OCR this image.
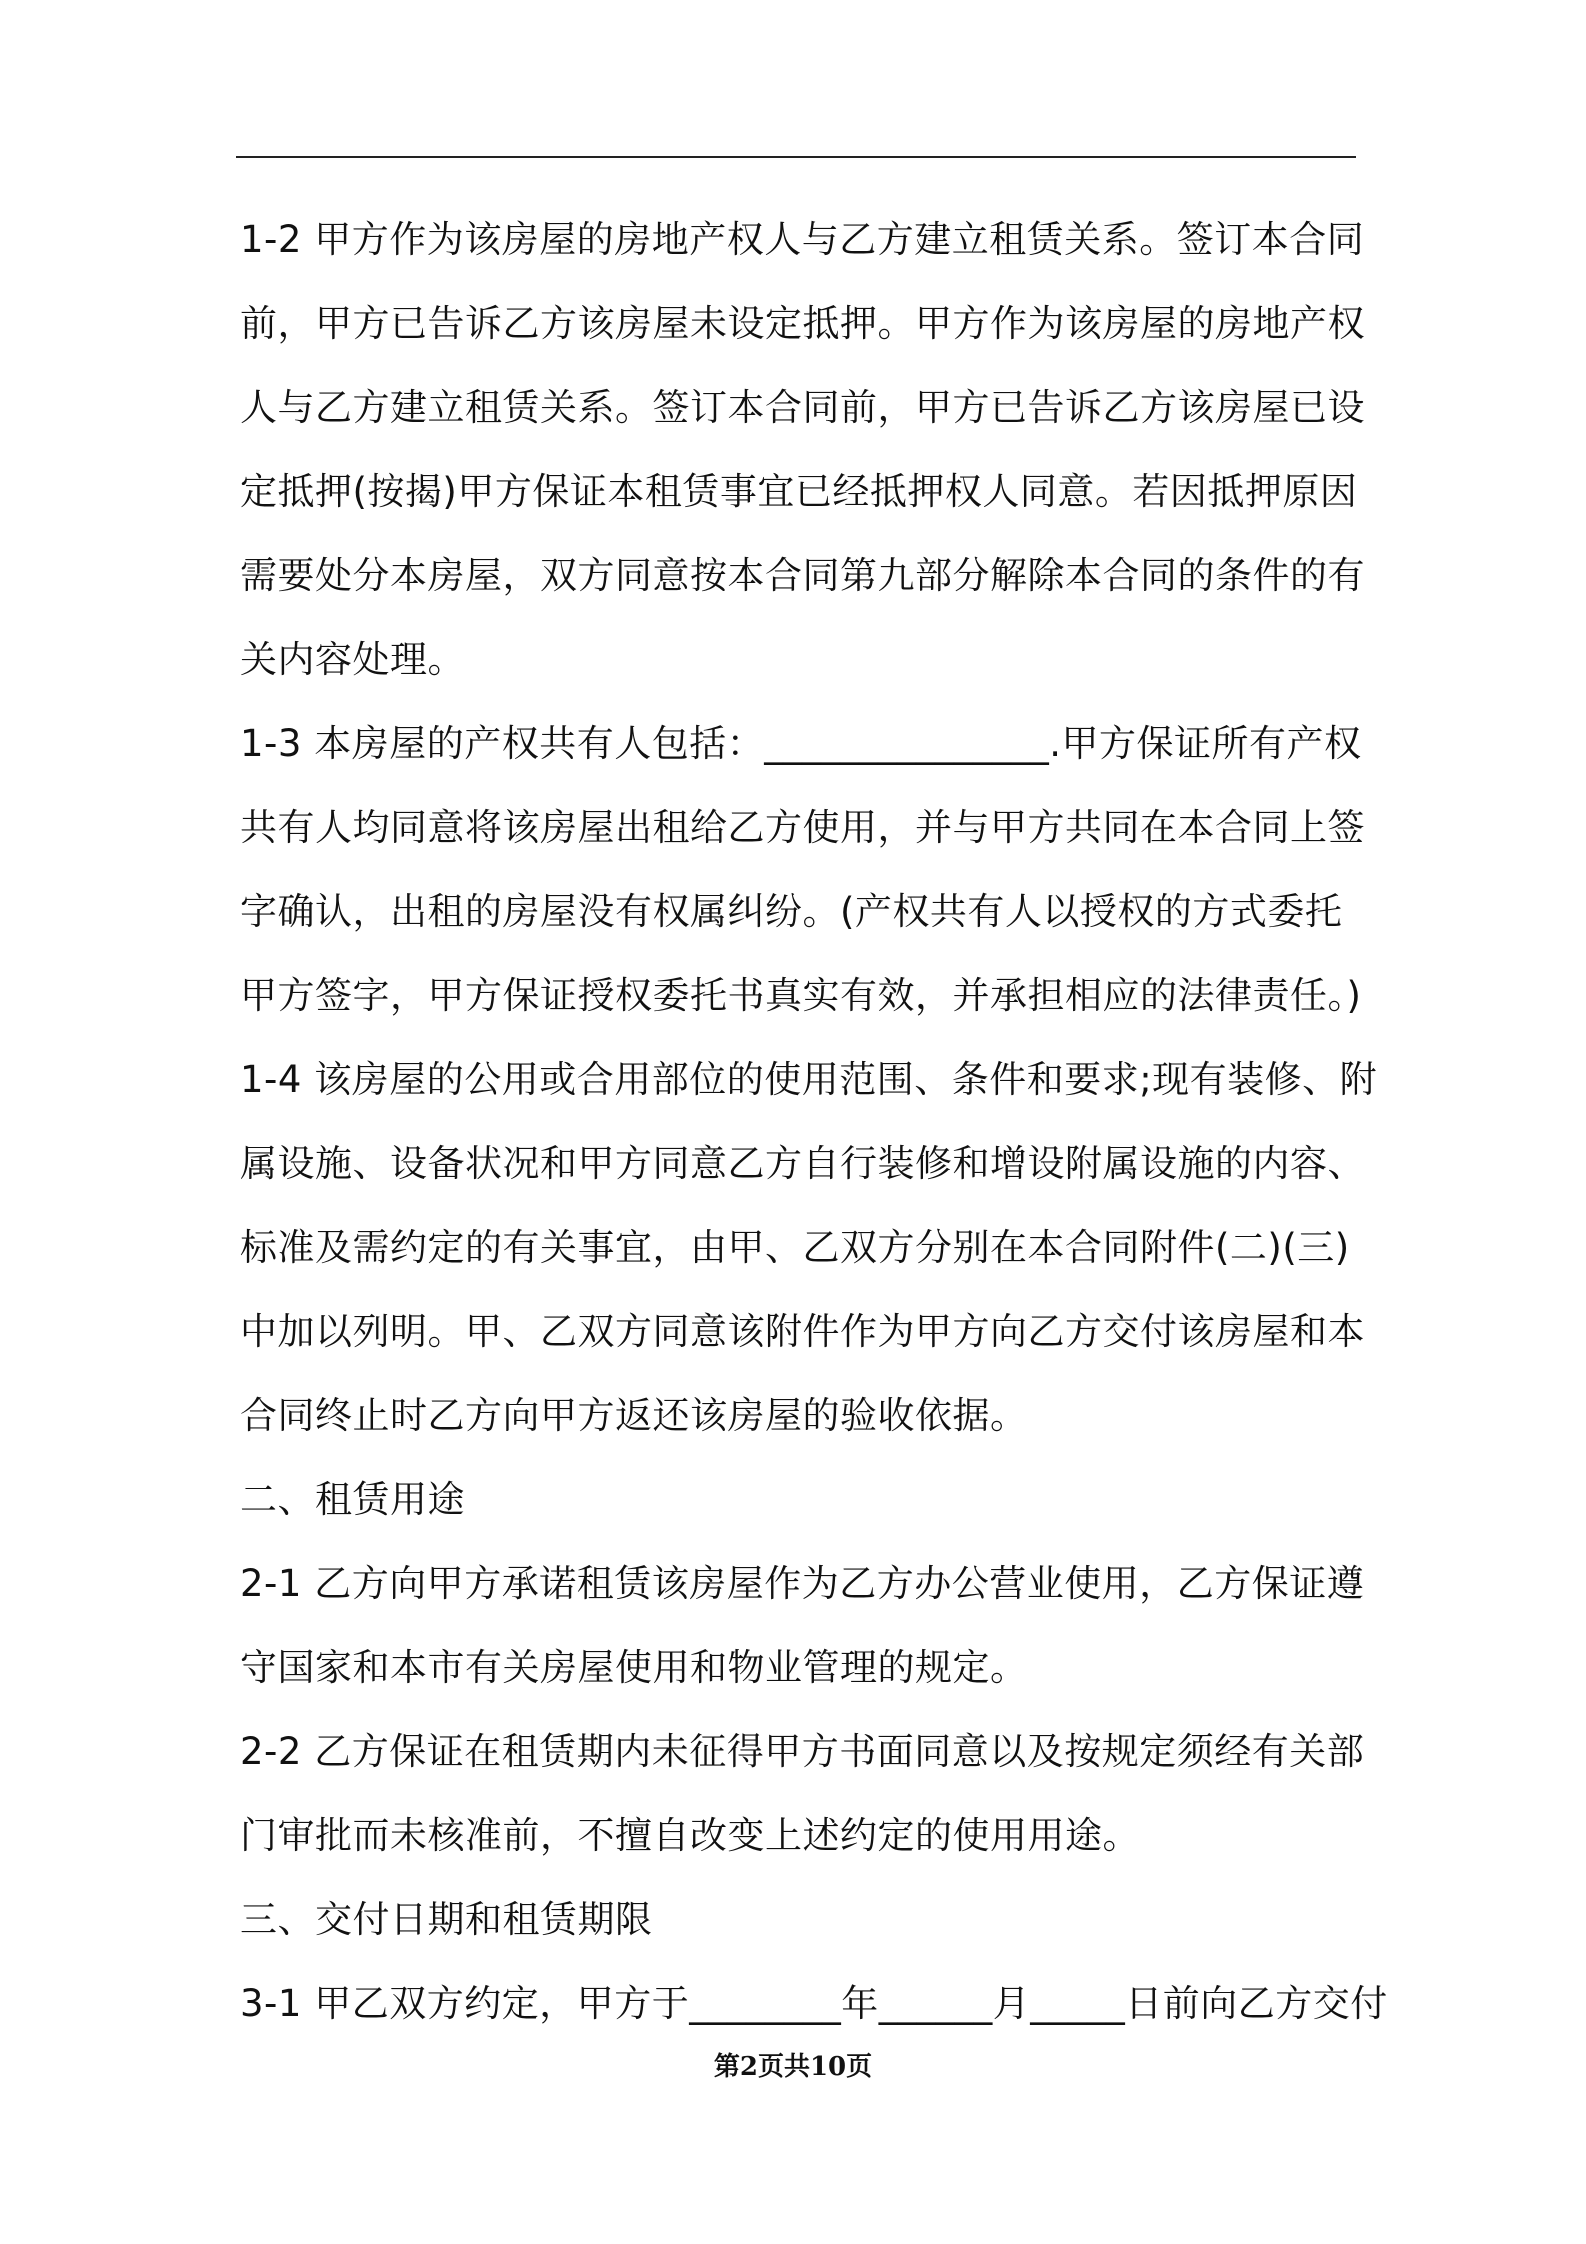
1-2 甲方作为该房屋的房地产权人与乙方建立租赁关系。签订本合同
前，甲方已告诉乙方该房屋未设定抵押。甲方作为该房屋的房地产权
人与乙方建立租赁关系。签订本合同前，甲方已告诉乙方该房屋已设
定抵押(按揭)甲方保证本租赁事宜已经抵押权人同意。若因抵押原因
需要处分本房屋，双方同意按本合同第九部分解除本合同的条件的有
关内容处理。
1-3 本房屋的产权共有人包括：_______________.甲方保证所有产权
共有人均同意将该房屋出租给乙方使用，并与甲方共同在本合同上签
字确认，出租的房屋没有权属纠纷。(产权共有人以授权的方式委托
甲方签字，甲方保证授权委托书真实有效，并承担相应的法律责任。)
1-4 该房屋的公用或合用部位的使用范围、条件和要求;现有装修、附
属设施、设备状况和甲方同意乙方自行装修和增设附属设施的内容、
标准及需约定的有关事宜，由甲、乙双方分别在本合同附件(二)(三)
中加以列明。甲、乙双方同意该附件作为甲方向乙方交付该房屋和本
合同终止时乙方向甲方返还该房屋的验收依据。
二、租赁用途
2-1 乙方向甲方承诺租赁该房屋作为乙方办公营业使用，乙方保证遵
守国家和本市有关房屋使用和物业管理的规定。
2-2 乙方保证在租赁期内未征得甲方书面同意以及按规定须经有关部
门审批而未核准前，不擅自改变上述约定的使用用途。
三、交付日期和租赁期限
3-1 甲乙双方约定，甲方于________年______月_____日前向乙方交付
第2页共10页
